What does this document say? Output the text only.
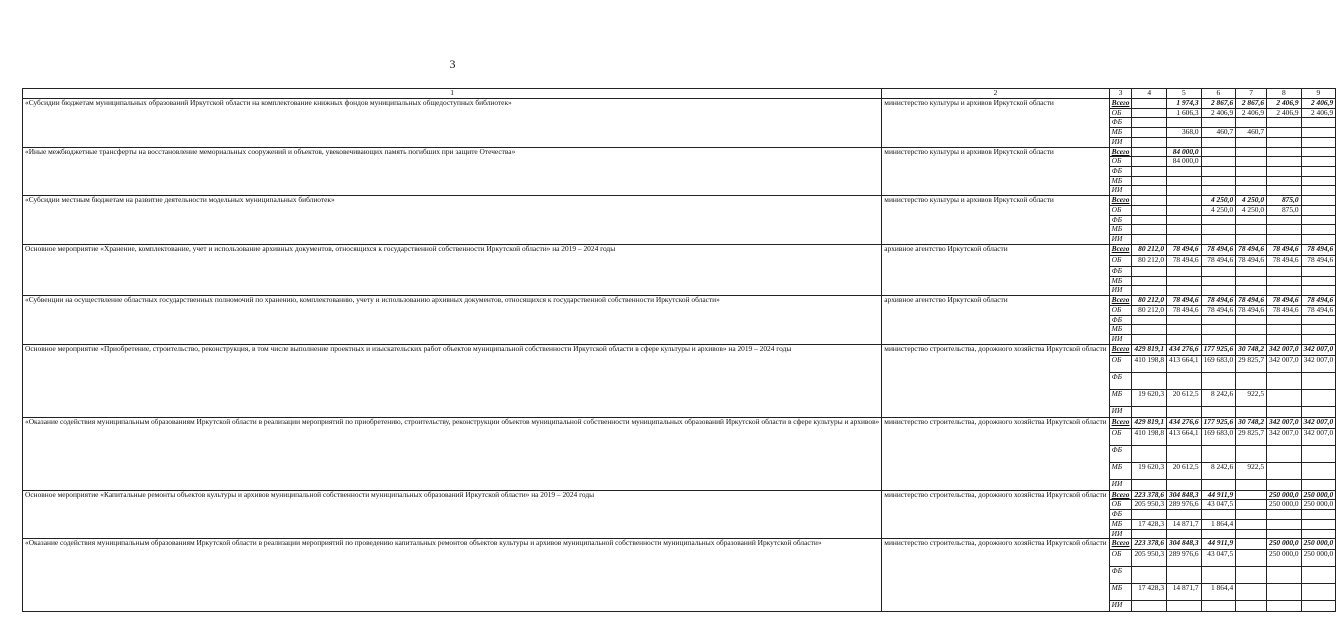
3
1	2	3	4	5	6	7	8	9
«Субсидии бюджетам муниципальных образований Иркутской области на комплектование книжных фондов муниципальных общедоступных библиотек»	министерство культуры и архивов Иркутской области	Всего		1 974,3	2 867,6	2 867,6	2 406,9	2 406,9
		ОБ		1 606,3	2 406,9	2 406,9	2 406,9	2 406,9
		ФБ						
		МБ		368,0	460,7	460,7		
		ИИ						
«Иные межбюджетные трансферты на восстановление мемориальных сооружений и объектов, увековечивающих память погибших при защите Отечества»	министерство культуры и архивов Иркутской области	Всего		84 000,0				
		ОБ		84 000,0				
		ФБ						
		МБ						
		ИИ						
«Субсидии местным бюджетам на развитие деятельности модельных муниципальных библиотек»	министерство культуры и архивов Иркутской области	Всего			4 250,0	4 250,0	875,0	
		ОБ			4 250,0	4 250,0	875,0	
		ФБ						
		МБ						
		ИИ						
Основное мероприятие «Хранение, комплектование, учет и использование архивных документов, относящихся к государственной собственности Иркутской области» на 2019 – 2024 годы	архивное агентство Иркутской области	Всего	80 212,0	78 494,6	78 494,6	78 494,6	78 494,6	78 494,6
		ОБ	80 212,0	78 494,6	78 494,6	78 494,6	78 494,6	78 494,6
		ФБ						
		МБ						
		ИИ						
«Субвенции на осуществление областных государственных полномочий по хранению, комплектованию, учету и использованию архивных документов, относящихся к государственной собственности Иркутской области»	архивное агентство Иркутской области	Всего	80 212,0	78 494,6	78 494,6	78 494,6	78 494,6	78 494,6
		ОБ	80 212,0	78 494,6	78 494,6	78 494,6	78 494,6	78 494,6
		ФБ						
		МБ						
		ИИ						
Основное мероприятие «Приобретение, строительство, реконструкция, в том числе выполнение проектных и изыскательских работ объектов муниципальной собственности Иркутской области в сфере культуры и архивов» на 2019 – 2024 годы	министерство строительства, дорожного хозяйства Иркутской области	Всего	429 819,1	434 276,6	177 925,6	30 748,2	342 007,0	342 007,0
		ОБ	410 198,8	413 664,1	169 683,0	29 825,7	342 007,0	342 007,0
		ФБ						
		МБ	19 620,3	20 612,5	8 242,6	922,5		
		ИИ						
«Оказание содействия муниципальным образованиям Иркутской области в реализации мероприятий по приобретению, строительству, реконструкции объектов муниципальной собственности муниципальных образований Иркутской области в сфере культуры и архивов»	министерство строительства, дорожного хозяйства Иркутской области	Всего	429 819,1	434 276,6	177 925,6	30 748,2	342 007,0	342 007,0
		ОБ	410 198,8	413 664,1	169 683,0	29 825,7	342 007,0	342 007,0
		ФБ						
		МБ	19 620,3	20 612,5	8 242,6	922,5		
		ИИ						
Основное мероприятие «Капитальные ремонты объектов культуры и архивов муниципальной собственности муниципальных образований Иркутской области» на 2019 – 2024 годы	министерство строительства, дорожного хозяйства Иркутской области	Всего	223 378,6	304 848,3	44 911,9		250 000,0	250 000,0
		ОБ	205 950,3	289 976,6	43 047,5		250 000,0	250 000,0
		ФБ						
		МБ	17 428,3	14 871,7	1 864,4			
		ИИ						
«Оказание содействия муниципальным образованиям Иркутской области в реализации мероприятий по проведению капитальных ремонтов объектов культуры и архивов муниципальной собственности муниципальных образований Иркутской области»	министерство строительства, дорожного хозяйства Иркутской области	Всего	223 378,6	304 848,3	44 911,9		250 000,0	250 000,0
		ОБ	205 950,3	289 976,6	43 047,5		250 000,0	250 000,0
		ФБ						
		МБ	17 428,3	14 871,7	1 864,4			
		ИИ						
